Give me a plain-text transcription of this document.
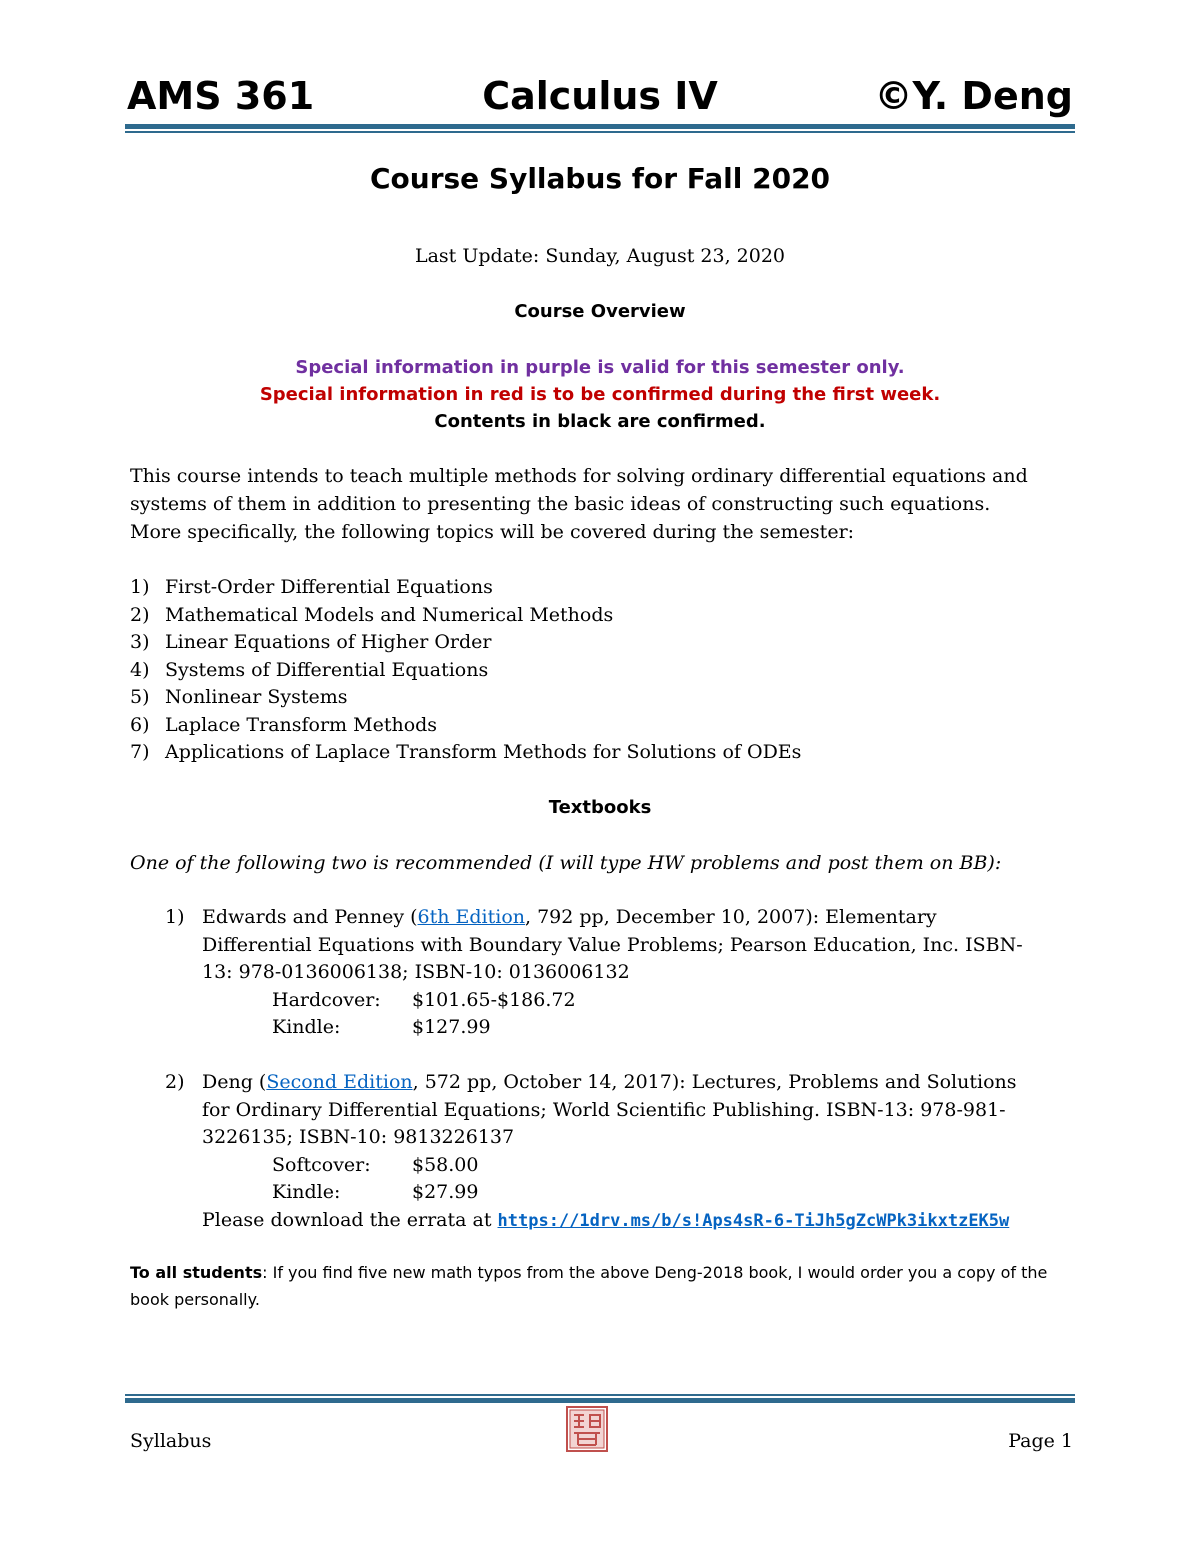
AMS 361	Calculus IV	©Y. Deng
Course Syllabus for Fall 2020
Last Update: Sunday, August 23, 2020
Course Overview
Special information in purple is valid for this semester only.
Special information in red is to be confirmed during the first week.
Contents in black are confirmed.
This course intends to teach multiple methods for solving ordinary differential equations and
systems of them in addition to presenting the basic ideas of constructing such equations.
More specifically, the following topics will be covered during the semester:
1) First-Order Differential Equations
2) Mathematical Models and Numerical Methods
3) Linear Equations of Higher Order
4) Systems of Differential Equations
5) Nonlinear Systems
6) Laplace Transform Methods
7) Applications of Laplace Transform Methods for Solutions of ODEs
Textbooks
One of the following two is recommended (I will type HW problems and post them on BB):
1) Edwards and Penney (6th Edition, 792 pp, December 10, 2007): Elementary
Differential Equations with Boundary Value Problems; Pearson Education, Inc. ISBN-
13: 978-0136006138; ISBN-10: 0136006132
Hardcover: $101.65-$186.72
Kindle:	$127.99
2) Deng (Second Edition, 572 pp, October 14, 2017): Lectures, Problems and Solutions
for Ordinary Differential Equations; World Scientific Publishing. ISBN-13: 978-981-
3226135; ISBN-10: 9813226137
Softcover: $58.00
Kindle:	$27.99
Please download the errata at https://1drv.ms/b/s!Aps4sR-6-TiJh5gZcWPk3ikxtzEK5w
To all students: If you find five new math typos from the above Deng-2018 book, I would order you a copy of the book personally.
Syllabus	Page 1
